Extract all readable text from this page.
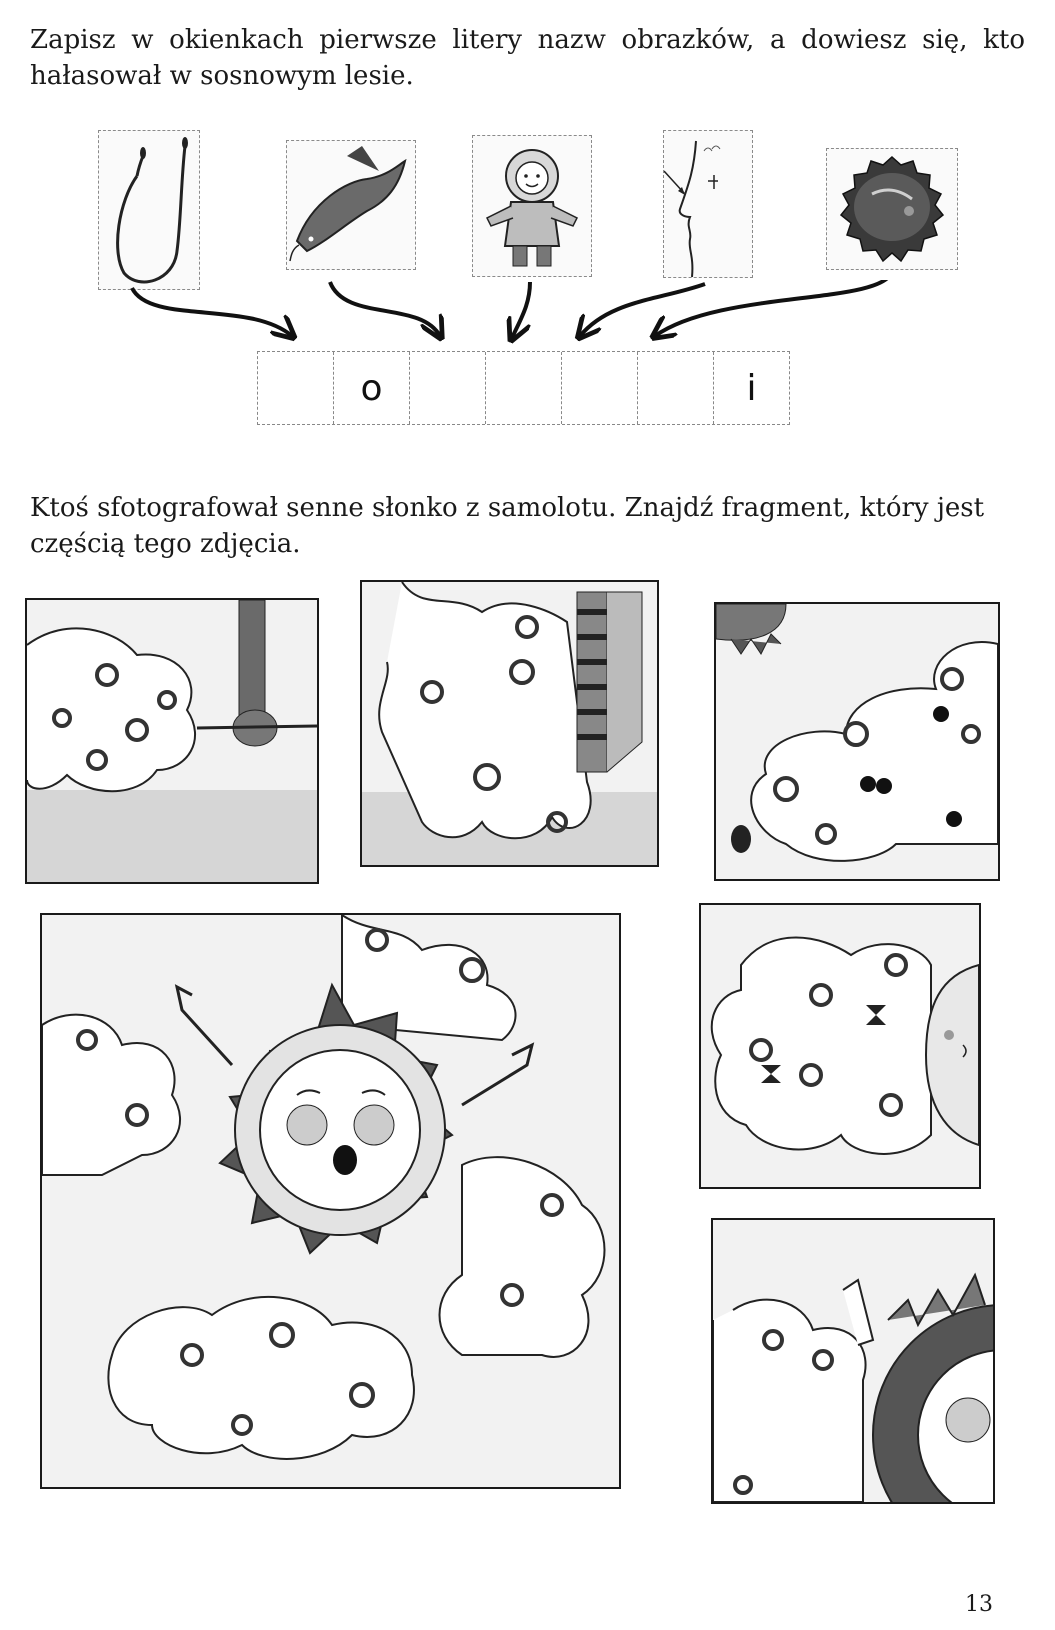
Zapisz w okienkach pierwsze litery nazw obrazków, a dowiesz się, kto hałasował w sosnowym lesie.

o	i

Ktoś sfotografował senne słonko z samolotu. Znajdź fragment, który jest częścią tego zdjęcia.

13
